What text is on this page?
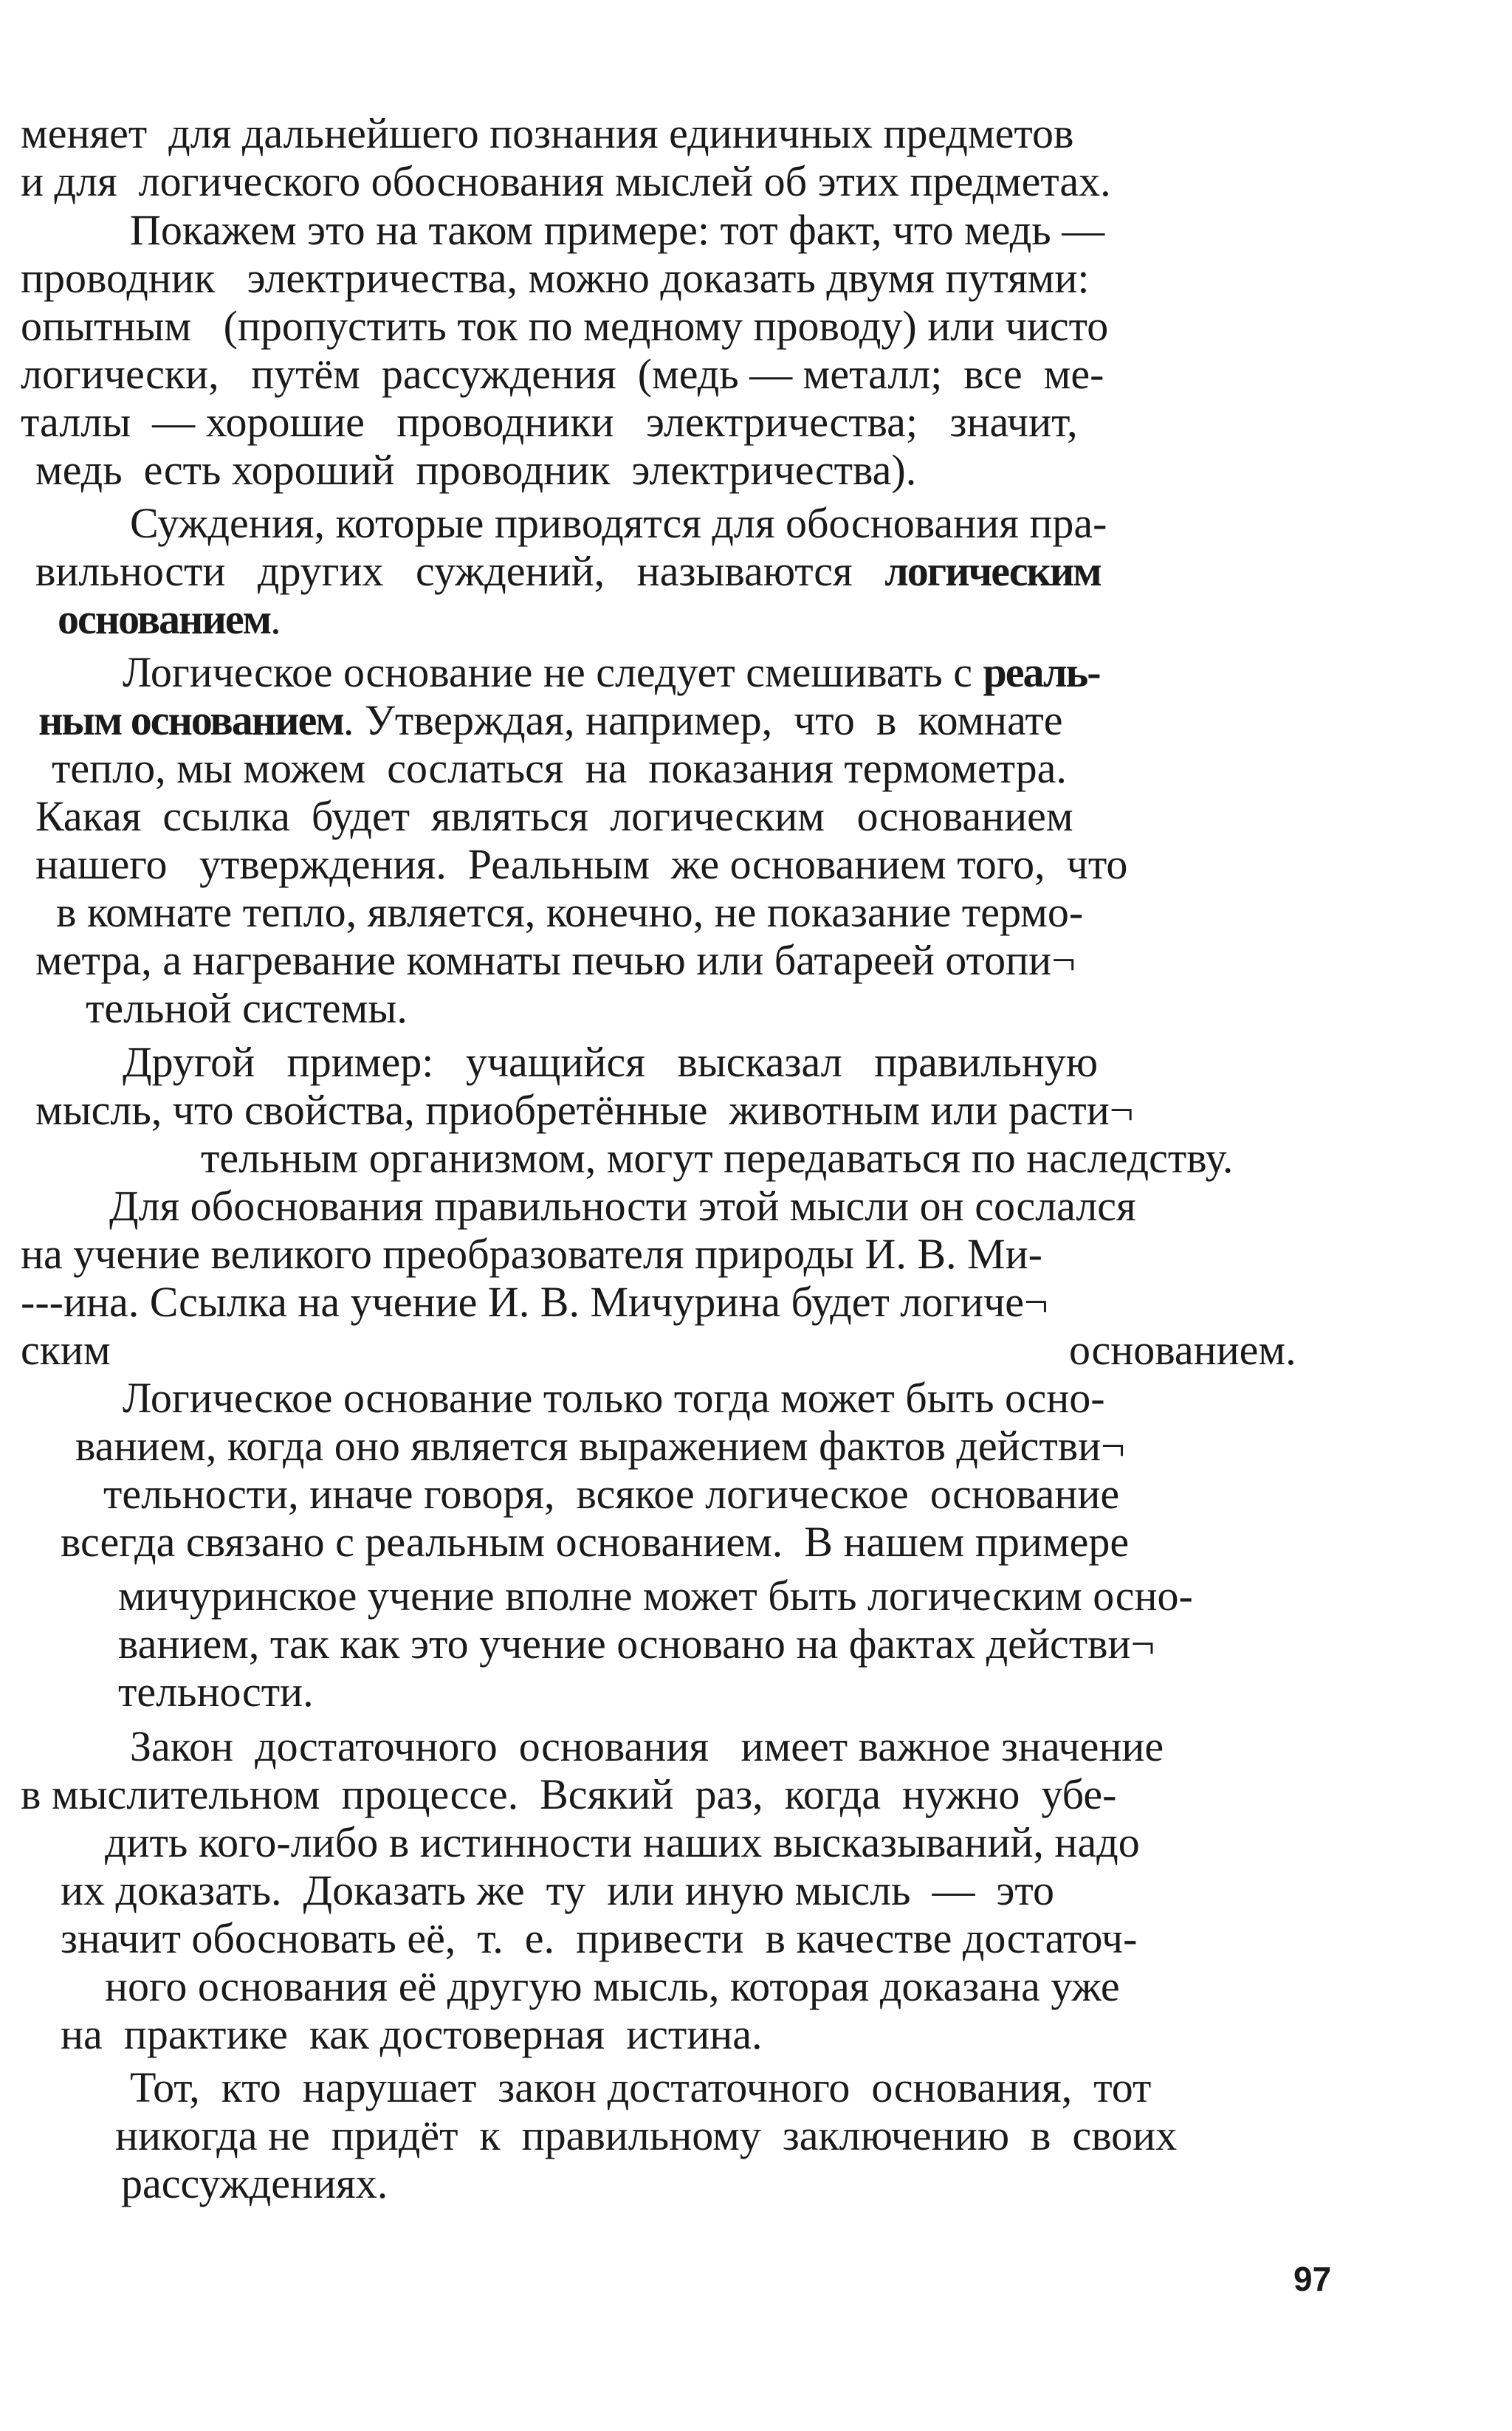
меняет  для дальнейшего познания единичных предметов
и для  логического обоснования мыслей об этих предметах.
Покажем это на таком примере: тот факт, что медь —
проводник   электричества, можно доказать двумя путями:
опытным   (пропустить ток по медному проводу) или чисто
логически,   путём  рассуждения  (медь — металл;  все  ме-
таллы  — хорошие   проводники   электричества;   значит,
медь  есть хороший  проводник  электричества).
Суждения, которые приводятся для обоснования пра-
вильности   других   суждений,   называются   логическим
основанием.
Логическое основание не следует смешивать с реаль-
ным основанием. Утверждая, например,  что  в  комнате
тепло, мы можем  сослаться  на  показания термометра.
Какая  ссылка  будет  являться  логическим   основанием
нашего   утверждения.  Реальным  же основанием того,  что
в комнате тепло, является, конечно, не показание термо-
метра, а нагревание комнаты печью или батареей отопи¬
тельной системы.
Другой   пример:   учащийся   высказал   правильную
мысль, что свойства, приобретённые  животным или расти¬
тельным организмом, могут передаваться по наследству.
Для обоснования правильности этой мысли он сослался
на учение великого преобразователя природы И. В. Ми-
---ина. Ссылка на учение И. В. Мичурина будет логиче¬
ским	основанием.
Логическое основание только тогда может быть осно-
ванием, когда оно является выражением фактов действи¬
тельности, иначе говоря,  всякое логическое  основание
всегда связано с реальным основанием.  В нашем примере
мичуринское учение вполне может быть логическим осно-
ванием, так как это учение основано на фактах действи¬
тельности.
Закон  достаточного  основания   имеет важное значение
в мыслительном  процессе.  Всякий  раз,  когда  нужно  убе-
дить кого-либо в истинности наших высказываний, надо
их доказать.  Доказать же  ту  или иную мысль  —  это
значит обосновать её,  т.  е.  привести  в качестве достаточ-
ного основания её другую мысль, которая доказана уже
на  практике  как достоверная  истина.
Тот,  кто  нарушает  закон достаточного  основания,  тот
никогда не  придёт  к  правильному  заключению  в  своих
рассуждениях.
97
